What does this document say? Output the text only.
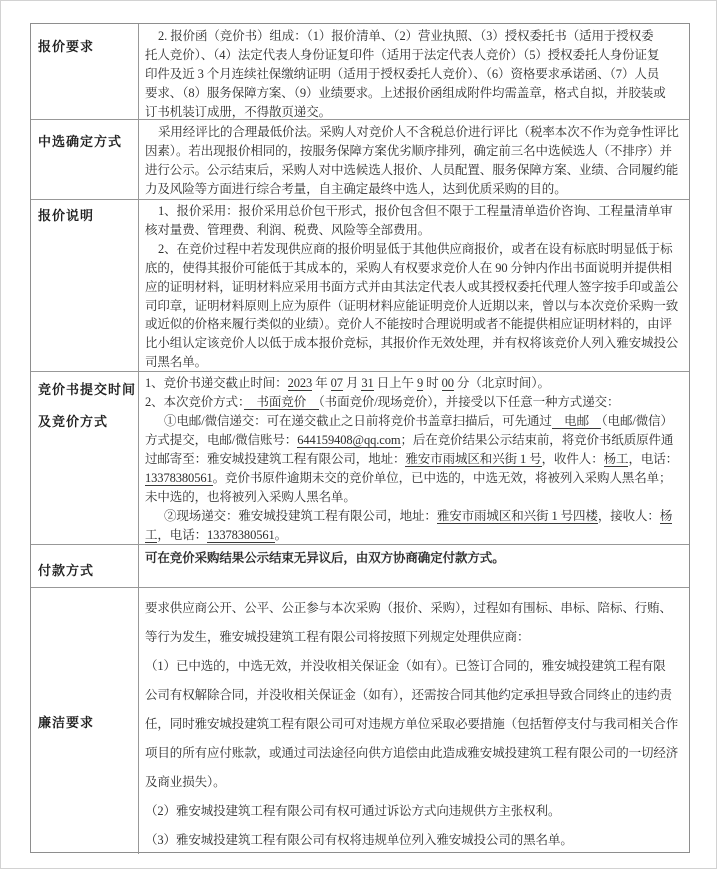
报价要求
2. 报价函（竞价书）组成：（1）报价清单、（2）营业执照、（3）授权委托书（适用于授权委
托人竞价）、（4）法定代表人身份证复印件（适用于法定代表人竞价）（5）授权委托人身份证复
印件及近 3 个月连续社保缴纳证明（适用于授权委托人竞价）、（6）资格要求承诺函、（7）人员
要求、（8）服务保障方案、（9）业绩要求。上述报价函组成附件均需盖章，格式自拟，并胶装或
订书机装订成册，不得散页递交。
中选确定方式
采用经评比的合理最低价法。采购人对竞价人不含税总价进行评比（税率本次不作为竞争性评比
因素）。若出现报价相同的，按服务保障方案优劣顺序排列，确定前三名中选候选人（不排序）并
进行公示。公示结束后，采购人对中选候选人报价、人员配置、服务保障方案、业绩、合同履约能
力及风险等方面进行综合考量，自主确定最终中选人，达到优质采购的目的。
报价说明	1、报价采用：报价采用总价包干形式，报价包含但不限于工程量清单造价咨询、工程量清单审
核对量费、管理费、利润、税费、风险等全部费用。
2、在竞价过程中若发现供应商的报价明显低于其他供应商报价，或者在设有标底时明显低于标
底的，使得其报价可能低于其成本的，采购人有权要求竞价人在 90 分钟内作出书面说明并提供相
应的证明材料，证明材料应采用书面方式并由其法定代表人或其授权委托代理人签字按手印或盖公
司印章，证明材料原则上应为原件（证明材料应能证明竞价人近期以来，曾以与本次竞价采购一致
或近似的价格来履行类似的业绩）。竞价人不能按时合理说明或者不能提供相应证明材料的，由评
比小组认定该竞价人以低于成本报价竞标，其报价作无效处理，并有权将该竞价人列入雅安城投公
司黑名单。
竞价书提交时间
及竞价方式
1、竞价书递交截止时间：2023 年 07 月 31 日上午 9 时 00 分（北京时间）。
2、本次竞价方式：　书面竞价　（书面竞价/现场竞价），并接受以下任意一种方式递交：
①电邮/微信递交：可在递交截止之日前将竞价书盖章扫描后，可先通过　电邮　（电邮/微信）
方式提交，电邮/微信账号：644159408@qq.com；后在竞价结果公示结束前，将竞价书纸质原件通
过邮寄至：雅安城投建筑工程有限公司，地址：雅安市雨城区和兴街 1 号，收件人：杨工，电话：
13378380561。竞价书原件逾期未交的竞价单位，已中选的，中选无效，将被列入采购人黑名单；
未中选的，也将被列入采购人黑名单。
②现场递交：雅安城投建筑工程有限公司，地址：雅安市雨城区和兴街 1 号四楼，接收人：杨
工，电话：13378380561。
付款方式
可在竞价采购结果公示结束无异议后，由双方协商确定付款方式。
廉洁要求
要求供应商公开、公平、公正参与本次采购（报价、采购），过程如有围标、串标、陪标、行贿、
等行为发生，雅安城投建筑工程有限公司将按照下列规定处理供应商：
（1）已中选的，中选无效，并没收相关保证金（如有）。已签订合同的，雅安城投建筑工程有限
公司有权解除合同，并没收相关保证金（如有），还需按合同其他约定承担导致合同终止的违约责
任，同时雅安城投建筑工程有限公司可对违规方单位采取必要措施（包括暂停支付与我司相关合作
项目的所有应付账款，或通过司法途径向供方追偿由此造成雅安城投建筑工程有限公司的一切经济
及商业损失）。
（2）雅安城投建筑工程有限公司有权可通过诉讼方式向违规供方主张权利。
（3）雅安城投建筑工程有限公司有权将违规单位列入雅安城投公司的黑名单。
